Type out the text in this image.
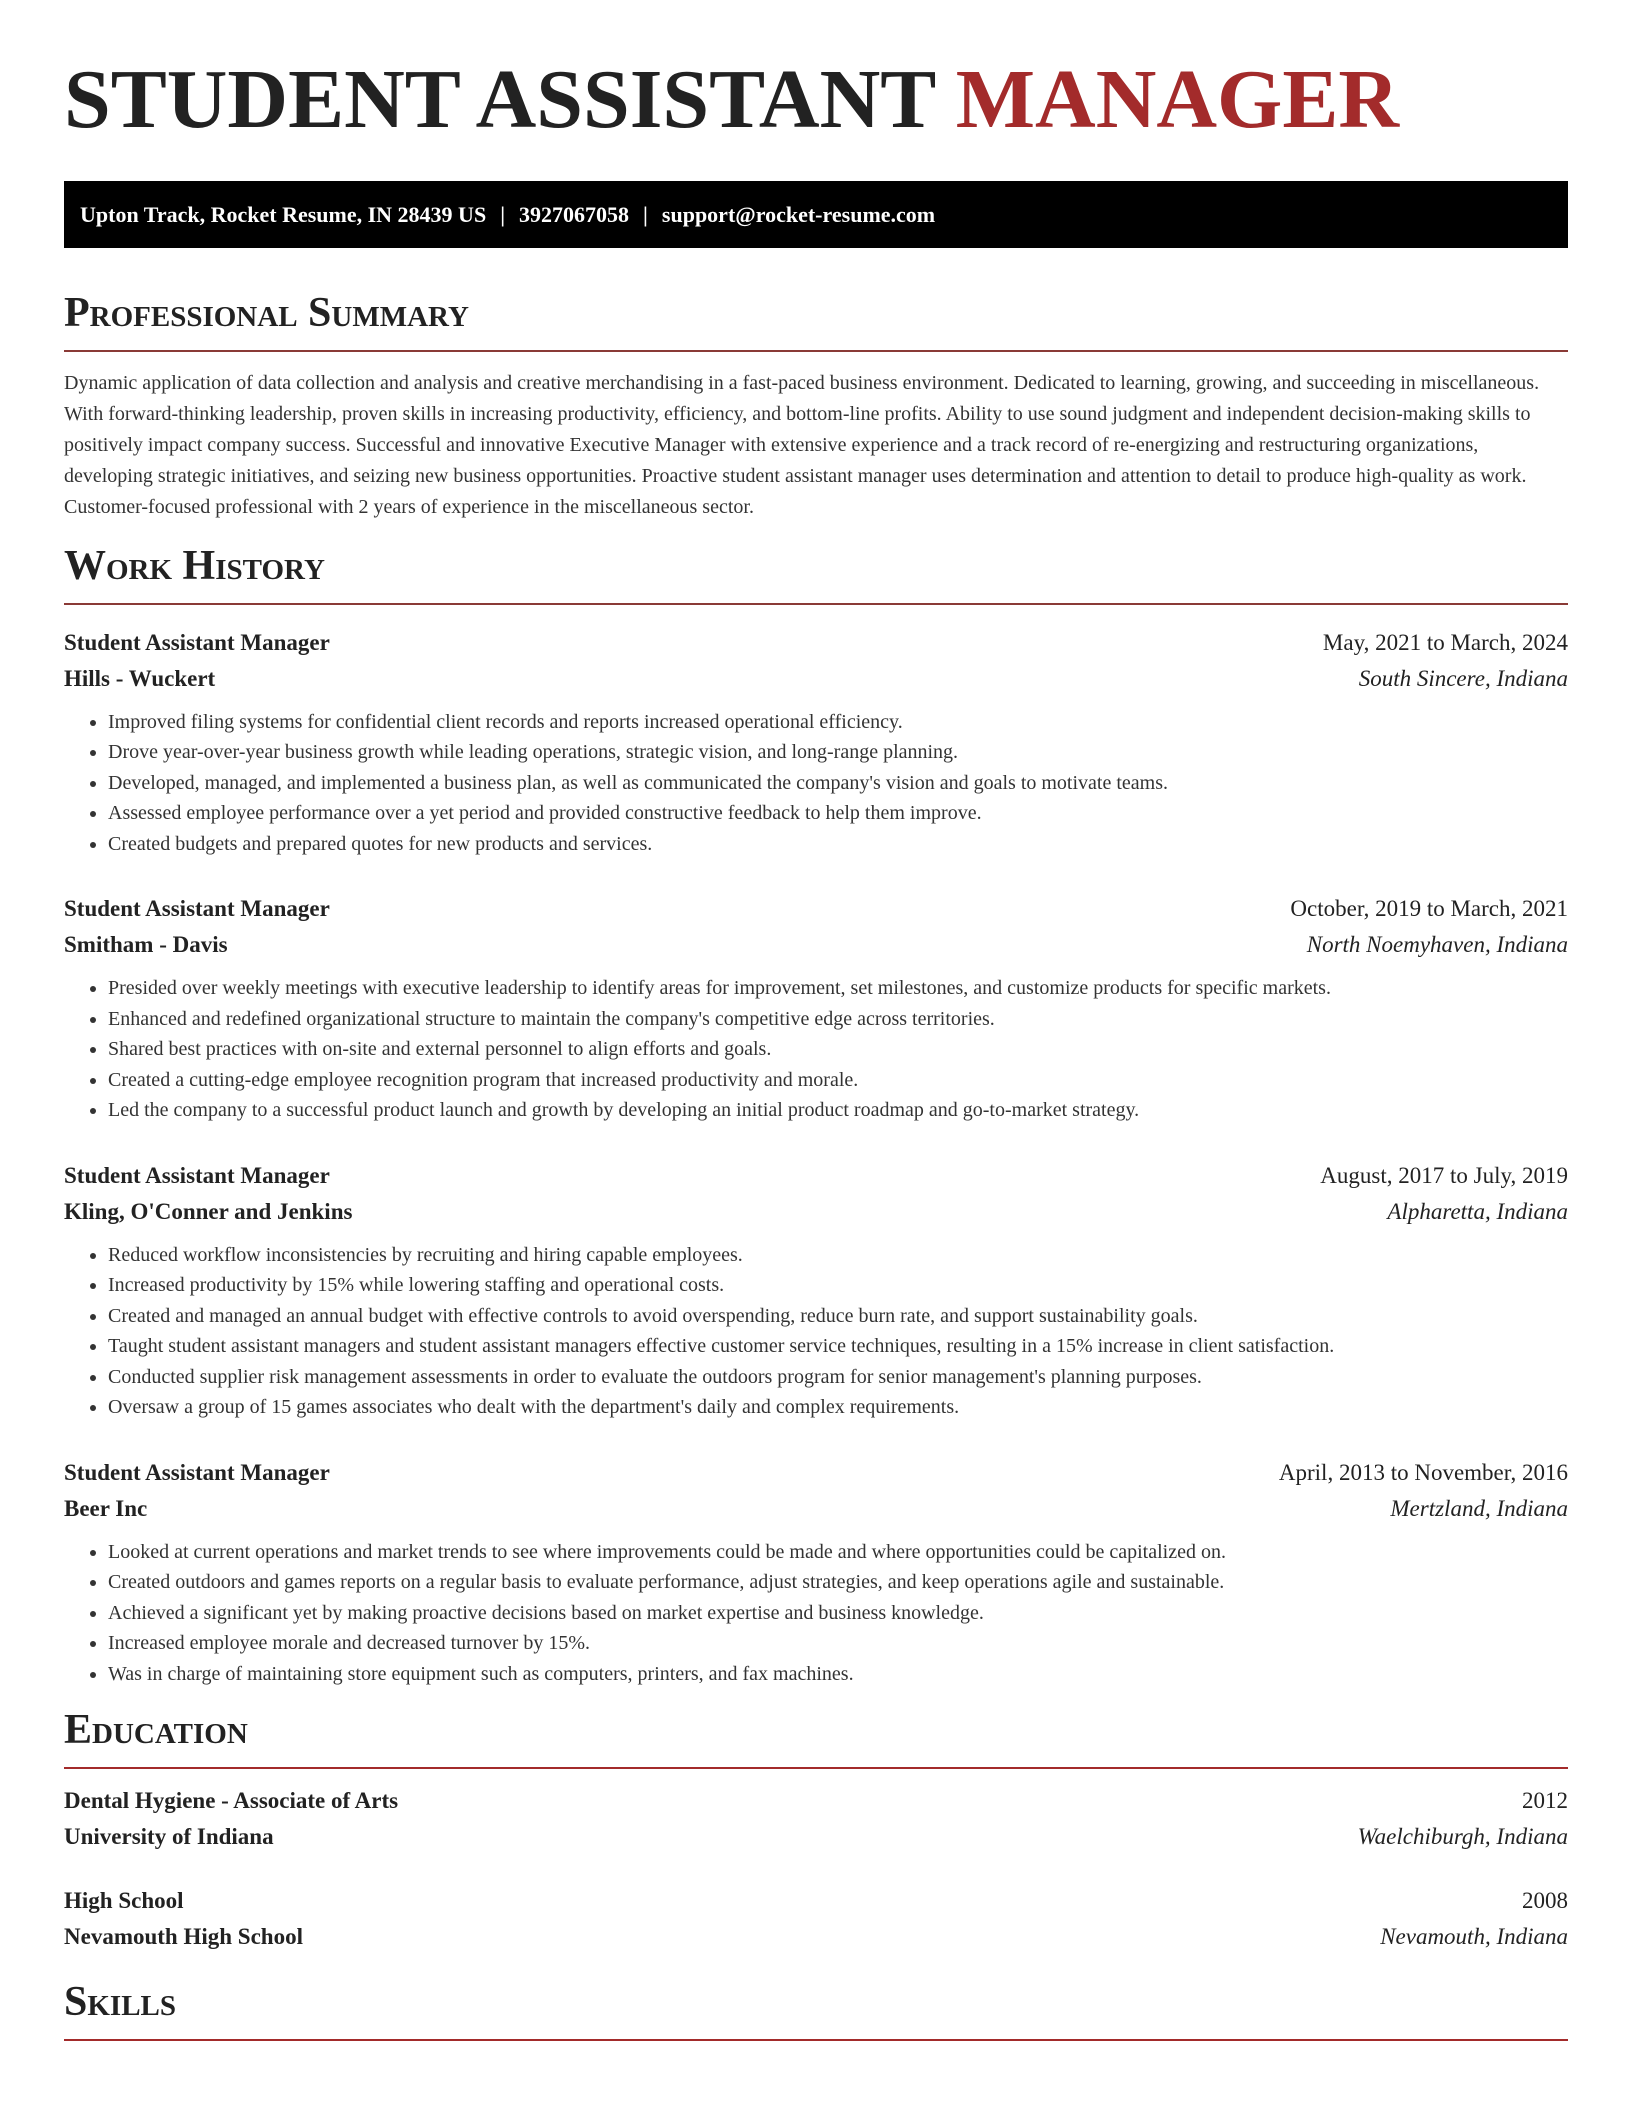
STUDENT ASSISTANT MANAGER
Upton Track, Rocket Resume, IN 28439 US | 3927067058 | support@rocket-resume.com
Professional Summary

Dynamic application of data collection and analysis and creative merchandising in a fast-paced business environment. Dedicated to learning, growing, and succeeding in miscellaneous. With forward-thinking leadership, proven skills in increasing productivity, efficiency, and bottom-line profits. Ability to use sound judgment and independent decision-making skills to positively impact company success. Successful and innovative Executive Manager with extensive experience and a track record of re-energizing and restructuring organizations, developing strategic initiatives, and seizing new business opportunities. Proactive student assistant manager uses determination and attention to detail to produce high-quality as work. Customer-focused professional with 2 years of experience in the miscellaneous sector.

Work History
Student Assistant Manager	May, 2021 to March, 2024
Hills - Wuckert	South Sincere, Indiana
• Improved filing systems for confidential client records and reports increased operational efficiency.
• Drove year-over-year business growth while leading operations, strategic vision, and long-range planning.
• Developed, managed, and implemented a business plan, as well as communicated the company's vision and goals to motivate teams.
• Assessed employee performance over a yet period and provided constructive feedback to help them improve.
• Created budgets and prepared quotes for new products and services.
Student Assistant Manager	October, 2019 to March, 2021
Smitham - Davis	North Noemyhaven, Indiana
• Presided over weekly meetings with executive leadership to identify areas for improvement, set milestones, and customize products for specific markets.
• Enhanced and redefined organizational structure to maintain the company's competitive edge across territories.
• Shared best practices with on-site and external personnel to align efforts and goals.
• Created a cutting-edge employee recognition program that increased productivity and morale.
• Led the company to a successful product launch and growth by developing an initial product roadmap and go-to-market strategy.
Student Assistant Manager	August, 2017 to July, 2019
Kling, O'Conner and Jenkins	Alpharetta, Indiana
• Reduced workflow inconsistencies by recruiting and hiring capable employees.
• Increased productivity by 15% while lowering staffing and operational costs.
• Created and managed an annual budget with effective controls to avoid overspending, reduce burn rate, and support sustainability goals.
• Taught student assistant managers and student assistant managers effective customer service techniques, resulting in a 15% increase in client satisfaction.
• Conducted supplier risk management assessments in order to evaluate the outdoors program for senior management's planning purposes.
• Oversaw a group of 15 games associates who dealt with the department's daily and complex requirements.
Student Assistant Manager	April, 2013 to November, 2016
Beer Inc	Mertzland, Indiana
• Looked at current operations and market trends to see where improvements could be made and where opportunities could be capitalized on.
• Created outdoors and games reports on a regular basis to evaluate performance, adjust strategies, and keep operations agile and sustainable.
• Achieved a significant yet by making proactive decisions based on market expertise and business knowledge.
• Increased employee morale and decreased turnover by 15%.
• Was in charge of maintaining store equipment such as computers, printers, and fax machines.
Education
Dental Hygiene - Associate of Arts	2012
University of Indiana	Waelchiburgh, Indiana
High School	2008
Nevamouth High School	Nevamouth, Indiana
Skills
